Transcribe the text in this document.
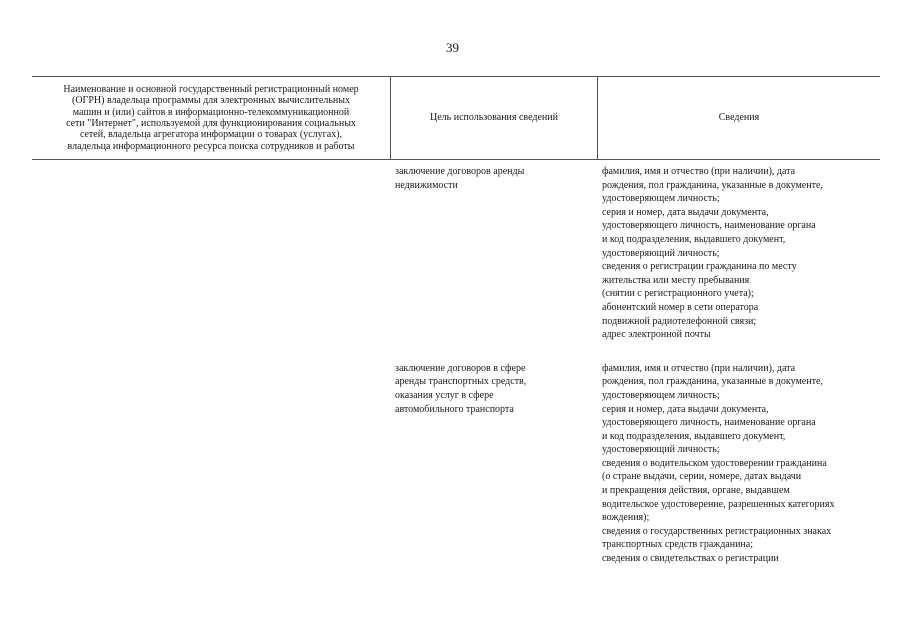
39
Наименование и основной государственный регистрационный номер
(ОГРН) владельца программы для электронных вычислительных
машин и (или) сайтов в информационно-телекоммуникационной
сети "Интернет", используемой для функционирования социальных
сетей, владельца агрегатора информации о товарах (услугах),
владельца информационного ресурса поиска сотрудников и работы
Цель использования сведений	Сведения
заключение договоров аренды
недвижимости
фамилия, имя и отчество (при наличии), дата
рождения, пол гражданина, указанные в документе,
удостоверяющем личность;
серия и номер, дата выдачи документа,
удостоверяющего личность, наименование органа
и код подразделения, выдавшего документ,
удостоверяющий личность;
сведения о регистрации гражданина по месту
жительства или месту пребывания
(снятии с регистрационного учета);
абонентский номер в сети оператора
подвижной радиотелефонной связи;
адрес электронной почты
заключение договоров в сфере
аренды транспортных средств,
оказания услуг в сфере
автомобильного транспорта
фамилия, имя и отчество (при наличии), дата
рождения, пол гражданина, указанные в документе,
удостоверяющем личность;
серия и номер, дата выдачи документа,
удостоверяющего личность, наименование органа
и код подразделения, выдавшего документ,
удостоверяющий личность;
сведения о водительском удостоверении гражданина
(о стране выдачи, серии, номере, датах выдачи
и прекращения действия, органе, выдавшем
водительское удостоверение, разрешенных категориях
вождения);
сведения о государственных регистрационных знаках
транспортных средств гражданина;
сведения о свидетельствах о регистрации
